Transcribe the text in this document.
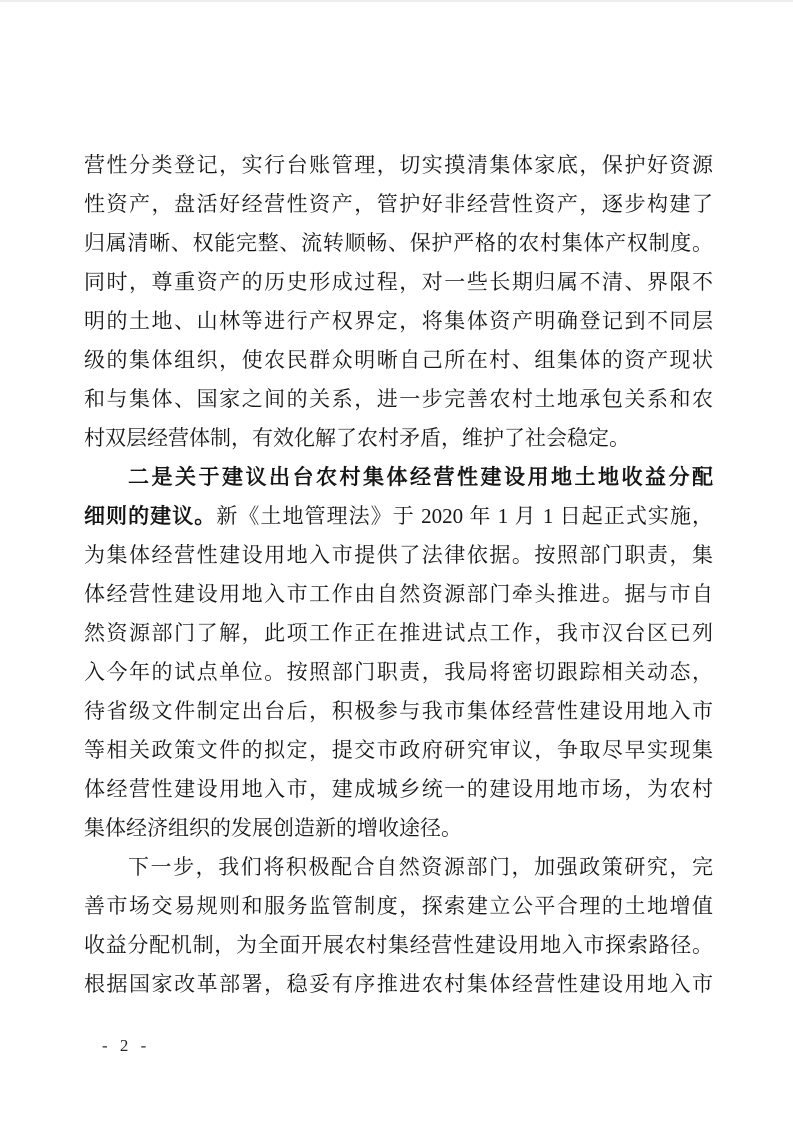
营性分类登记，实行台账管理，切实摸清集体家底，保护好资源
性资产，盘活好经营性资产，管护好非经营性资产，逐步构建了
归属清晰、权能完整、流转顺畅、保护严格的农村集体产权制度。
同时，尊重资产的历史形成过程，对一些长期归属不清、界限不
明的土地、山林等进行产权界定，将集体资产明确登记到不同层
级的集体组织，使农民群众明晰自己所在村、组集体的资产现状
和与集体、国家之间的关系，进一步完善农村土地承包关系和农
村双层经营体制，有效化解了农村矛盾，维护了社会稳定。
二是关于建议出台农村集体经营性建设用地土地收益分配
细则的建议。新《土地管理法》于 2020 年 1 月 1 日起正式实施，
为集体经营性建设用地入市提供了法律依据。按照部门职责，集
体经营性建设用地入市工作由自然资源部门牵头推进。据与市自
然资源部门了解，此项工作正在推进试点工作，我市汉台区已列
入今年的试点单位。按照部门职责，我局将密切跟踪相关动态，
待省级文件制定出台后，积极参与我市集体经营性建设用地入市
等相关政策文件的拟定，提交市政府研究审议，争取尽早实现集
体经营性建设用地入市，建成城乡统一的建设用地市场，为农村
集体经济组织的发展创造新的增收途径。
下一步，我们将积极配合自然资源部门，加强政策研究，完
善市场交易规则和服务监管制度，探索建立公平合理的土地增值
收益分配机制，为全面开展农村集经营性建设用地入市探索路径。
根据国家改革部署，稳妥有序推进农村集体经营性建设用地入市
- 2 -
